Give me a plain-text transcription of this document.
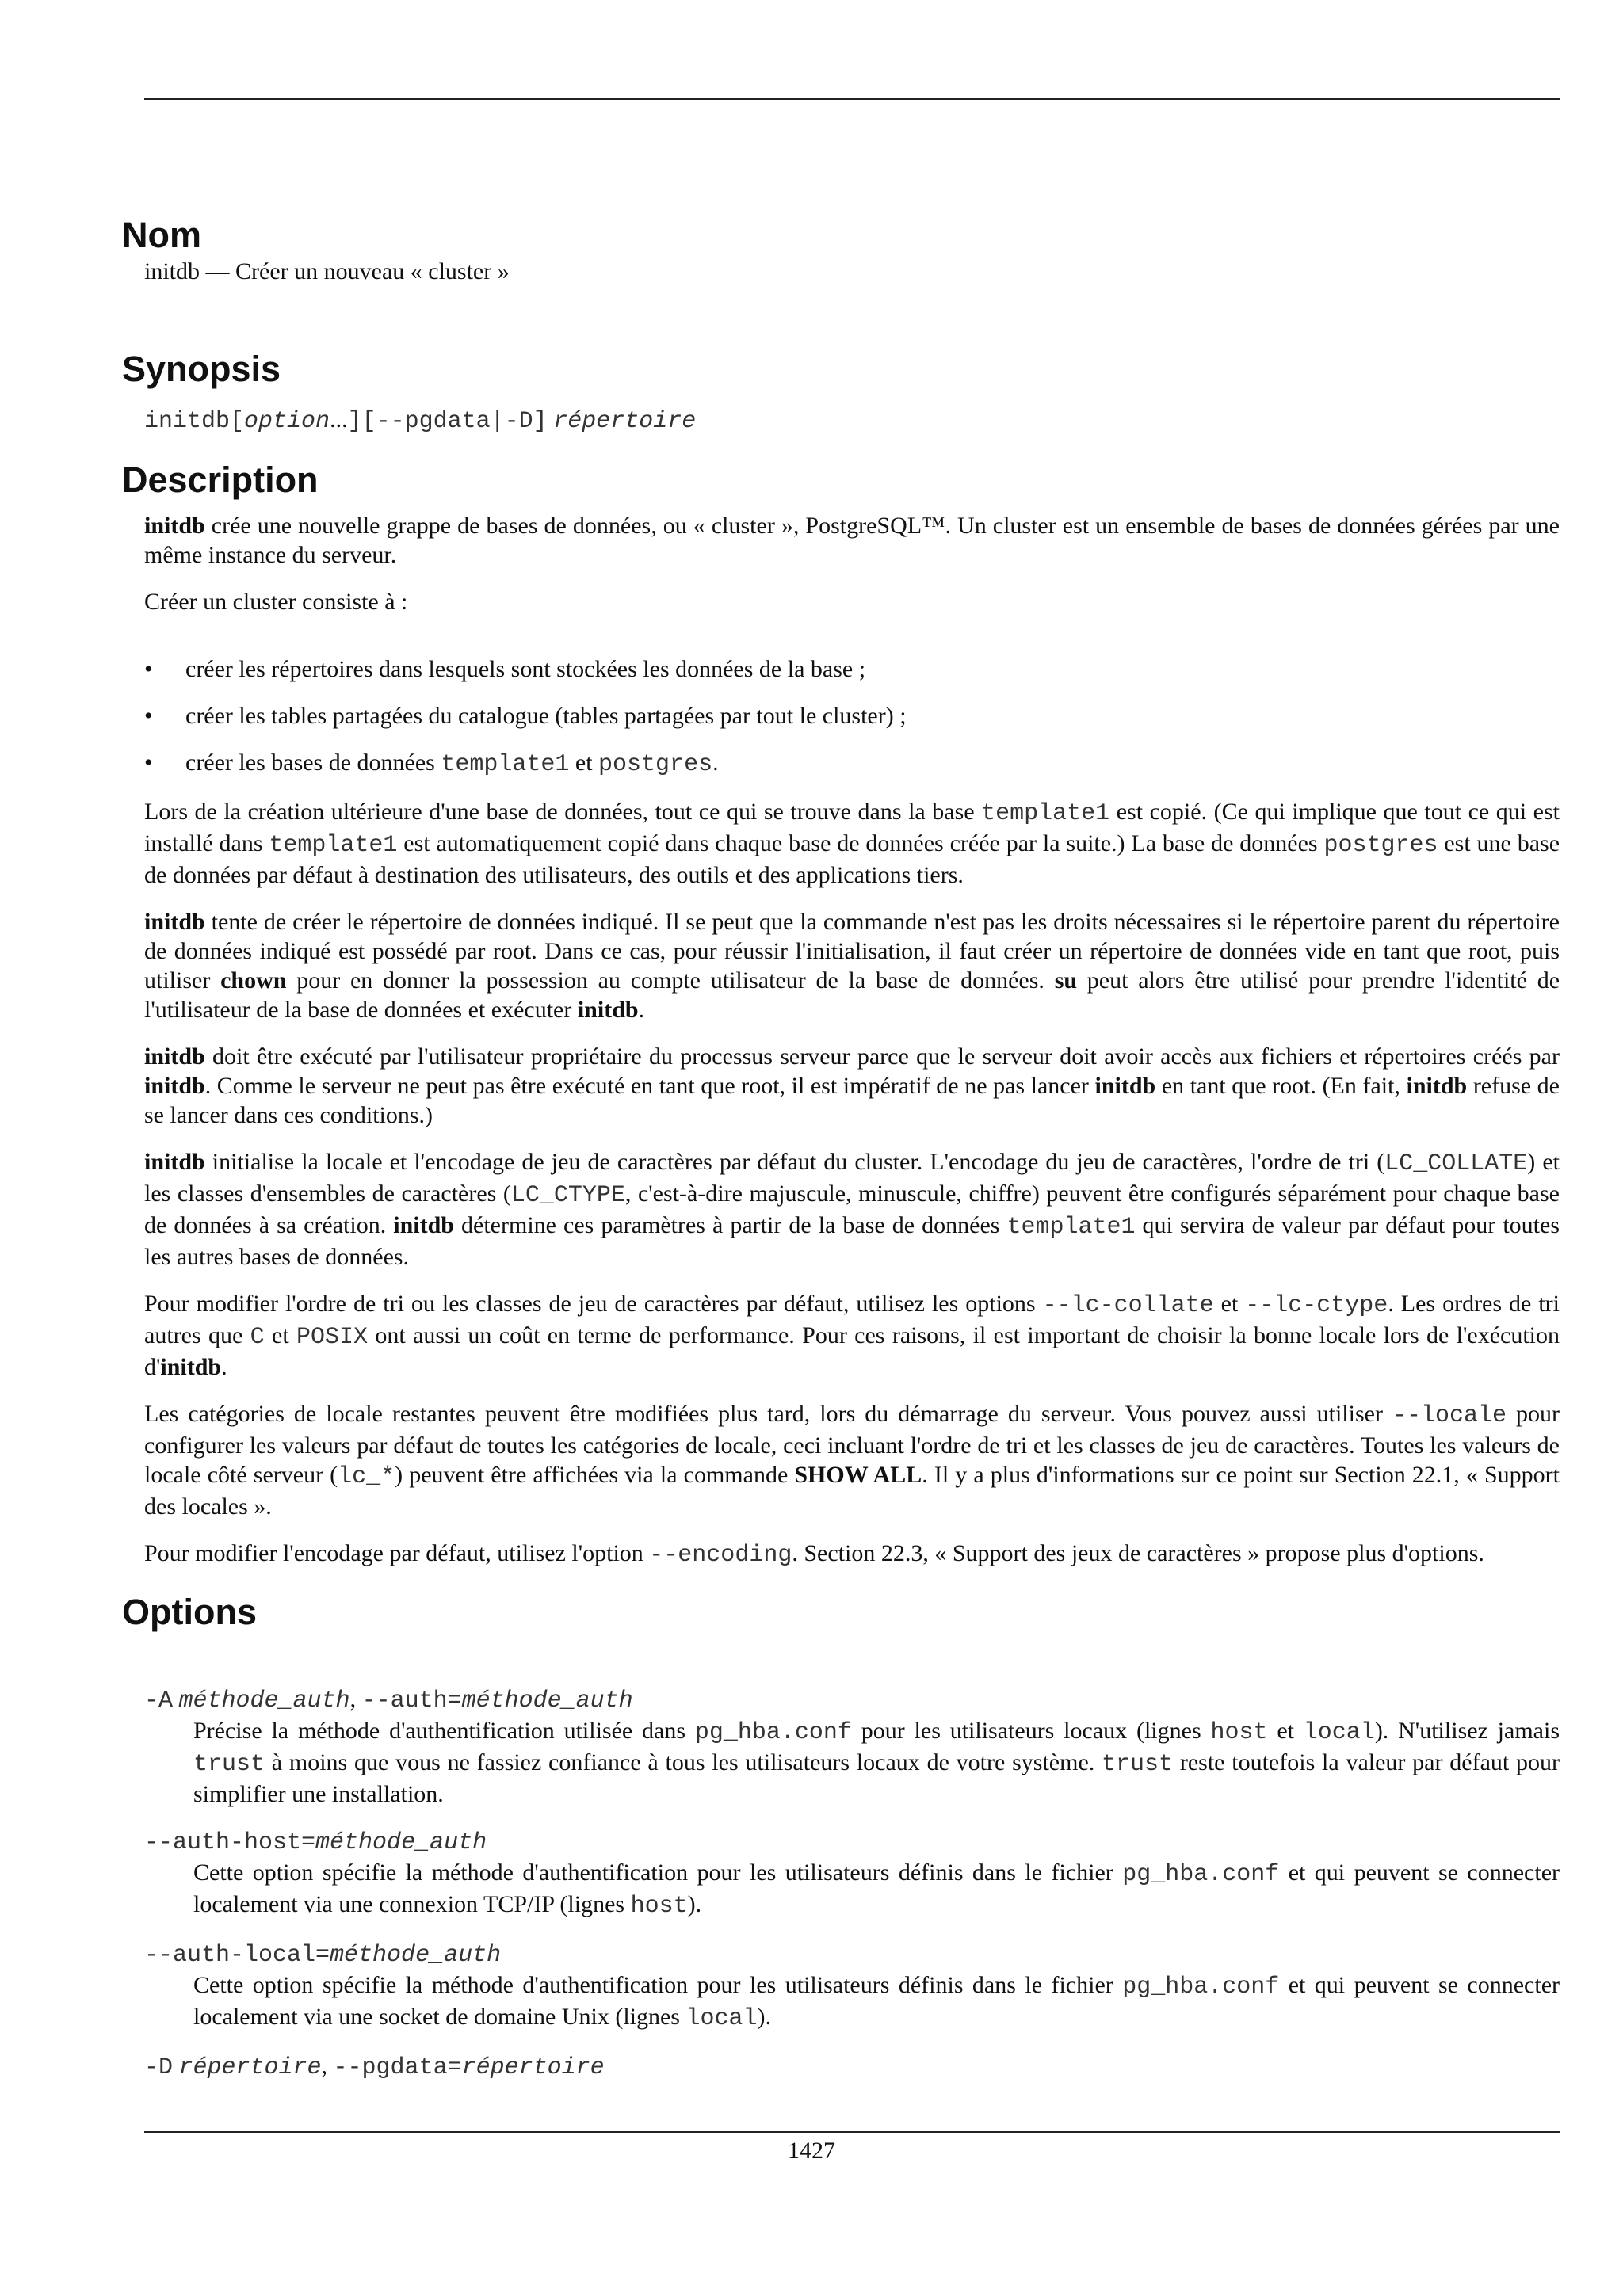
Nom
initdb — Créer un nouveau « cluster »
Synopsis
initdb[option...][--pgdata|-D] répertoire
Description

initdb crée une nouvelle grappe de bases de données, ou « cluster », PostgreSQL™. Un cluster est un ensemble de bases de données gérées par une même instance du serveur.

Créer un cluster consiste à :

• créer les répertoires dans lesquels sont stockées les données de la base ;
• créer les tables partagées du catalogue (tables partagées par tout le cluster) ;
• créer les bases de données template1 et postgres.

Lors de la création ultérieure d'une base de données, tout ce qui se trouve dans la base template1 est copié. (Ce qui implique que tout ce qui est installé dans template1 est automatiquement copié dans chaque base de données créée par la suite.) La base de données postgres est une base de données par défaut à destination des utilisateurs, des outils et des applications tiers.

initdb tente de créer le répertoire de données indiqué. Il se peut que la commande n'est pas les droits nécessaires si le répertoire parent du répertoire de données indiqué est possédé par root. Dans ce cas, pour réussir l'initialisation, il faut créer un répertoire de données vide en tant que root, puis utiliser chown pour en donner la possession au compte utilisateur de la base de données. su peut alors être utilisé pour prendre l'identité de l'utilisateur de la base de données et exécuter initdb.

initdb doit être exécuté par l'utilisateur propriétaire du processus serveur parce que le serveur doit avoir accès aux fichiers et répertoires créés par initdb. Comme le serveur ne peut pas être exécuté en tant que root, il est impératif de ne pas lancer initdb en tant que root. (En fait, initdb refuse de se lancer dans ces conditions.)

initdb initialise la locale et l'encodage de jeu de caractères par défaut du cluster. L'encodage du jeu de caractères, l'ordre de tri (LC_COLLATE) et les classes d'ensembles de caractères (LC_CTYPE, c'est-à-dire majuscule, minuscule, chiffre) peuvent être configurés séparément pour chaque base de données à sa création. initdb détermine ces paramètres à partir de la base de données template1 qui servira de valeur par défaut pour toutes les autres bases de données.

Pour modifier l'ordre de tri ou les classes de jeu de caractères par défaut, utilisez les options --lc-collate et --lc-ctype. Les ordres de tri autres que C et POSIX ont aussi un coût en terme de performance. Pour ces raisons, il est important de choisir la bonne locale lors de l'exécution d'initdb.

Les catégories de locale restantes peuvent être modifiées plus tard, lors du démarrage du serveur. Vous pouvez aussi utiliser --locale pour configurer les valeurs par défaut de toutes les catégories de locale, ceci incluant l'ordre de tri et les classes de jeu de caractères. Toutes les valeurs de locale côté serveur (lc_*) peuvent être affichées via la commande SHOW ALL. Il y a plus d'informations sur ce point sur Section 22.1, « Support des locales ».

Pour modifier l'encodage par défaut, utilisez l'option --encoding. Section 22.3, « Support des jeux de caractères » propose plus d'options.

Options
-A méthode_auth, --auth=méthode_auth
Précise la méthode d'authentification utilisée dans pg_hba.conf pour les utilisateurs locaux (lignes host et local). N'utilisez jamais trust à moins que vous ne fassiez confiance à tous les utilisateurs locaux de votre système. trust reste toutefois la valeur par défaut pour simplifier une installation.
--auth-host=méthode_auth
Cette option spécifie la méthode d'authentification pour les utilisateurs définis dans le fichier pg_hba.conf et qui peuvent se connecter localement via une connexion TCP/IP (lignes host).
--auth-local=méthode_auth
Cette option spécifie la méthode d'authentification pour les utilisateurs définis dans le fichier pg_hba.conf et qui peuvent se connecter localement via une socket de domaine Unix (lignes local).
-D répertoire, --pgdata=répertoire
1427
